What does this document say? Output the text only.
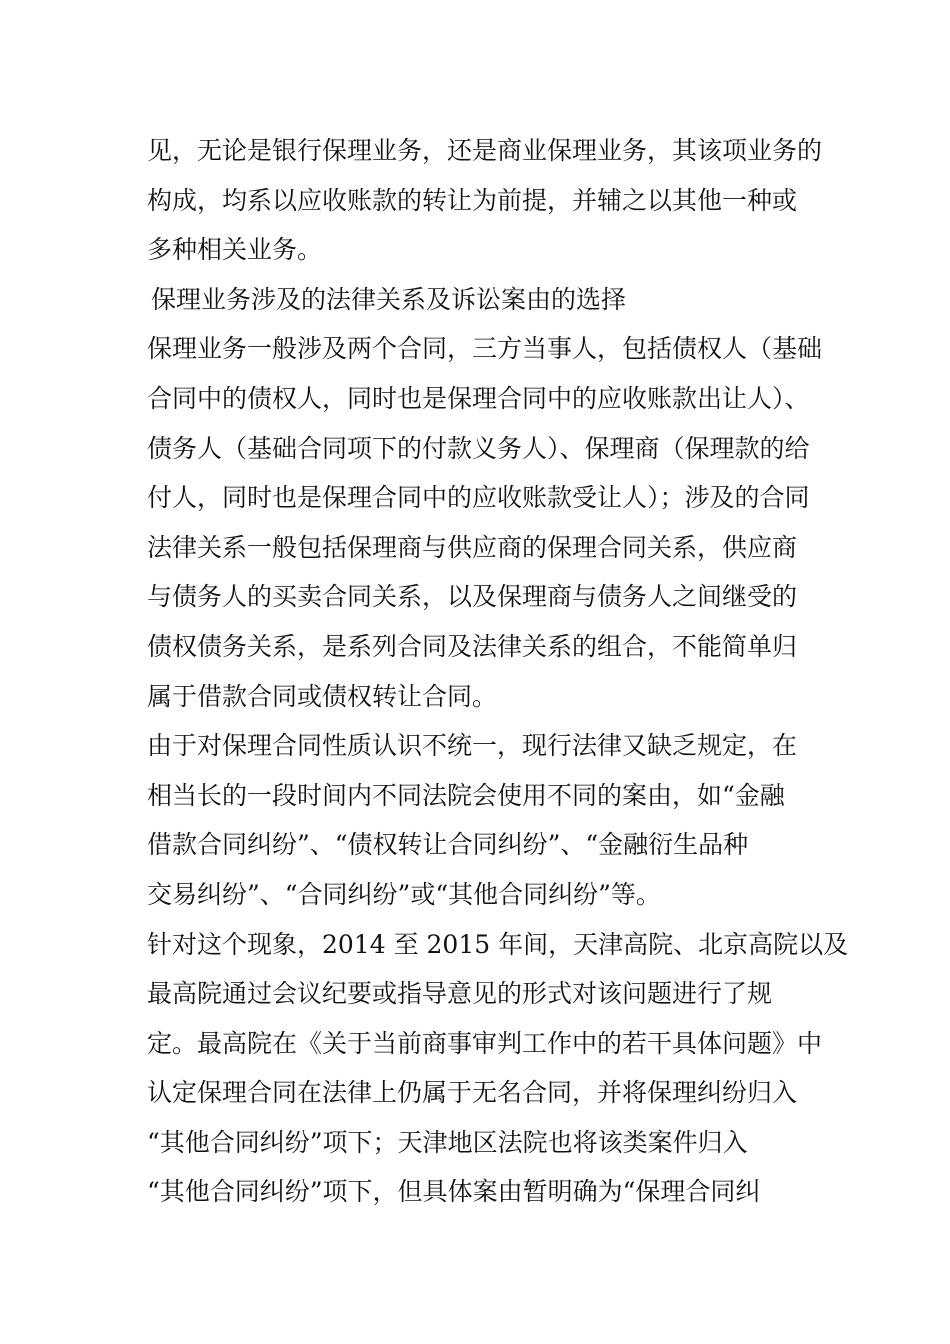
见，无论是银行保理业务，还是商业保理业务，其该项业务的
构成，均系以应收账款的转让为前提，并辅之以其他一种或
多种相关业务。
保理业务涉及的法律关系及诉讼案由的选择
保理业务一般涉及两个合同，三方当事人，包括债权人（基础
合同中的债权人，同时也是保理合同中的应收账款出让人）、
债务人（基础合同项下的付款义务人）、保理商（保理款的给
付人，同时也是保理合同中的应收账款受让人）；涉及的合同
法律关系一般包括保理商与供应商的保理合同关系，供应商
与债务人的买卖合同关系，以及保理商与债务人之间继受的
债权债务关系，是系列合同及法律关系的组合，不能简单归
属于借款合同或债权转让合同。
由于对保理合同性质认识不统一，现行法律又缺乏规定，在
相当长的一段时间内不同法院会使用不同的案由，如“金融
借款合同纠纷”、“债权转让合同纠纷”、“金融衍生品种
交易纠纷”、“合同纠纷”或“其他合同纠纷”等。
针对这个现象，2014 至 2015 年间，天津高院、北京高院以及
最高院通过会议纪要或指导意见的形式对该问题进行了规
定。最高院在《关于当前商事审判工作中的若干具体问题》中
认定保理合同在法律上仍属于无名合同，并将保理纠纷归入
“其他合同纠纷”项下；天津地区法院也将该类案件归入
“其他合同纠纷”项下，但具体案由暂明确为“保理合同纠
